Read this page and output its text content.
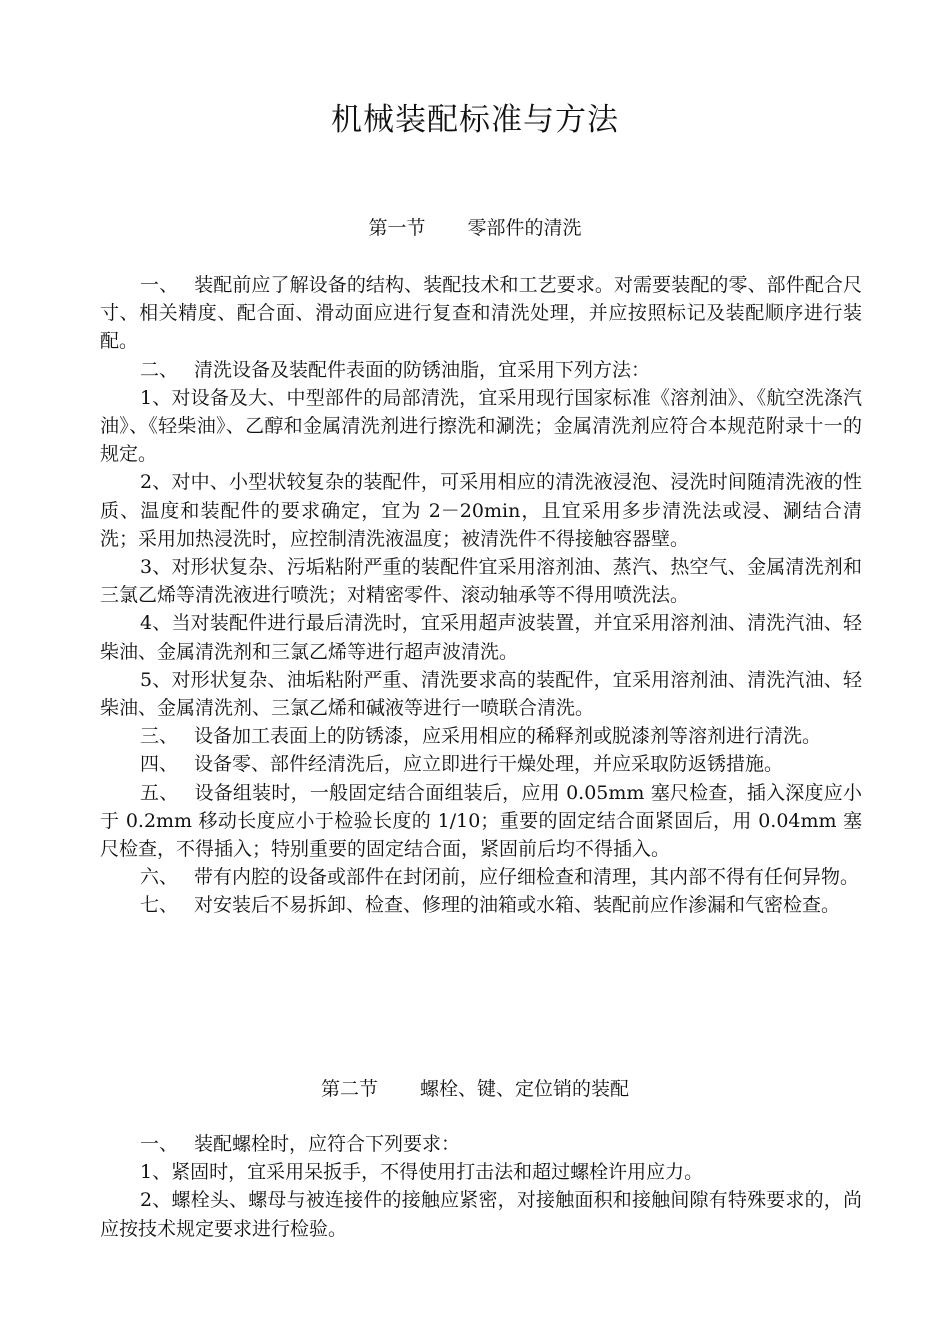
机械装配标准与方法
第一节 零部件的清洗

一、 装配前应了解设备的结构、装配技术和工艺要求。对需要装配的零、部件配合尺寸、相关精度、配合面、滑动面应进行复查和清洗处理，并应按照标记及装配顺序进行装配。

二、 清洗设备及装配件表面的防锈油脂，宜采用下列方法：

1、对设备及大、中型部件的局部清洗，宜采用现行国家标准《溶剂油》、《航空洗涤汽油》、《轻柴油》、乙醇和金属清洗剂进行擦洗和涮洗；金属清洗剂应符合本规范附录十一的规定。

2、对中、小型状较复杂的装配件，可采用相应的清洗液浸泡、浸洗时间随清洗液的性质、温度和装配件的要求确定，宜为 2－20min，且宜采用多步清洗法或浸、涮结合清洗；采用加热浸洗时，应控制清洗液温度；被清洗件不得接触容器壁。

3、对形状复杂、污垢粘附严重的装配件宜采用溶剂油、蒸汽、热空气、金属清洗剂和三氯乙烯等清洗液进行喷洗；对精密零件、滚动轴承等不得用喷洗法。

4、当对装配件进行最后清洗时，宜采用超声波装置，并宜采用溶剂油、清洗汽油、轻柴油、金属清洗剂和三氯乙烯等进行超声波清洗。

5、对形状复杂、油垢粘附严重、清洗要求高的装配件，宜采用溶剂油、清洗汽油、轻柴油、金属清洗剂、三氯乙烯和碱液等进行一喷联合清洗。

三、 设备加工表面上的防锈漆，应采用相应的稀释剂或脱漆剂等溶剂进行清洗。

四、 设备零、部件经清洗后，应立即进行干燥处理，并应采取防返锈措施。

五、 设备组装时，一般固定结合面组装后，应用 0.05mm 塞尺检查，插入深度应小于 0.2mm 移动长度应小于检验长度的 1/10；重要的固定结合面紧固后，用 0.04mm 塞尺检查，不得插入；特别重要的固定结合面，紧固前后均不得插入。

六、 带有内腔的设备或部件在封闭前，应仔细检查和清理，其内部不得有任何异物。

七、 对安装后不易拆卸、检查、修理的油箱或水箱、装配前应作渗漏和气密检查。

第二节 螺栓、键、定位销的装配

一、 装配螺栓时，应符合下列要求：

1、紧固时，宜采用呆扳手，不得使用打击法和超过螺栓许用应力。

2、螺栓头、螺母与被连接件的接触应紧密，对接触面积和接触间隙有特殊要求的，尚应按技术规定要求进行检验。
